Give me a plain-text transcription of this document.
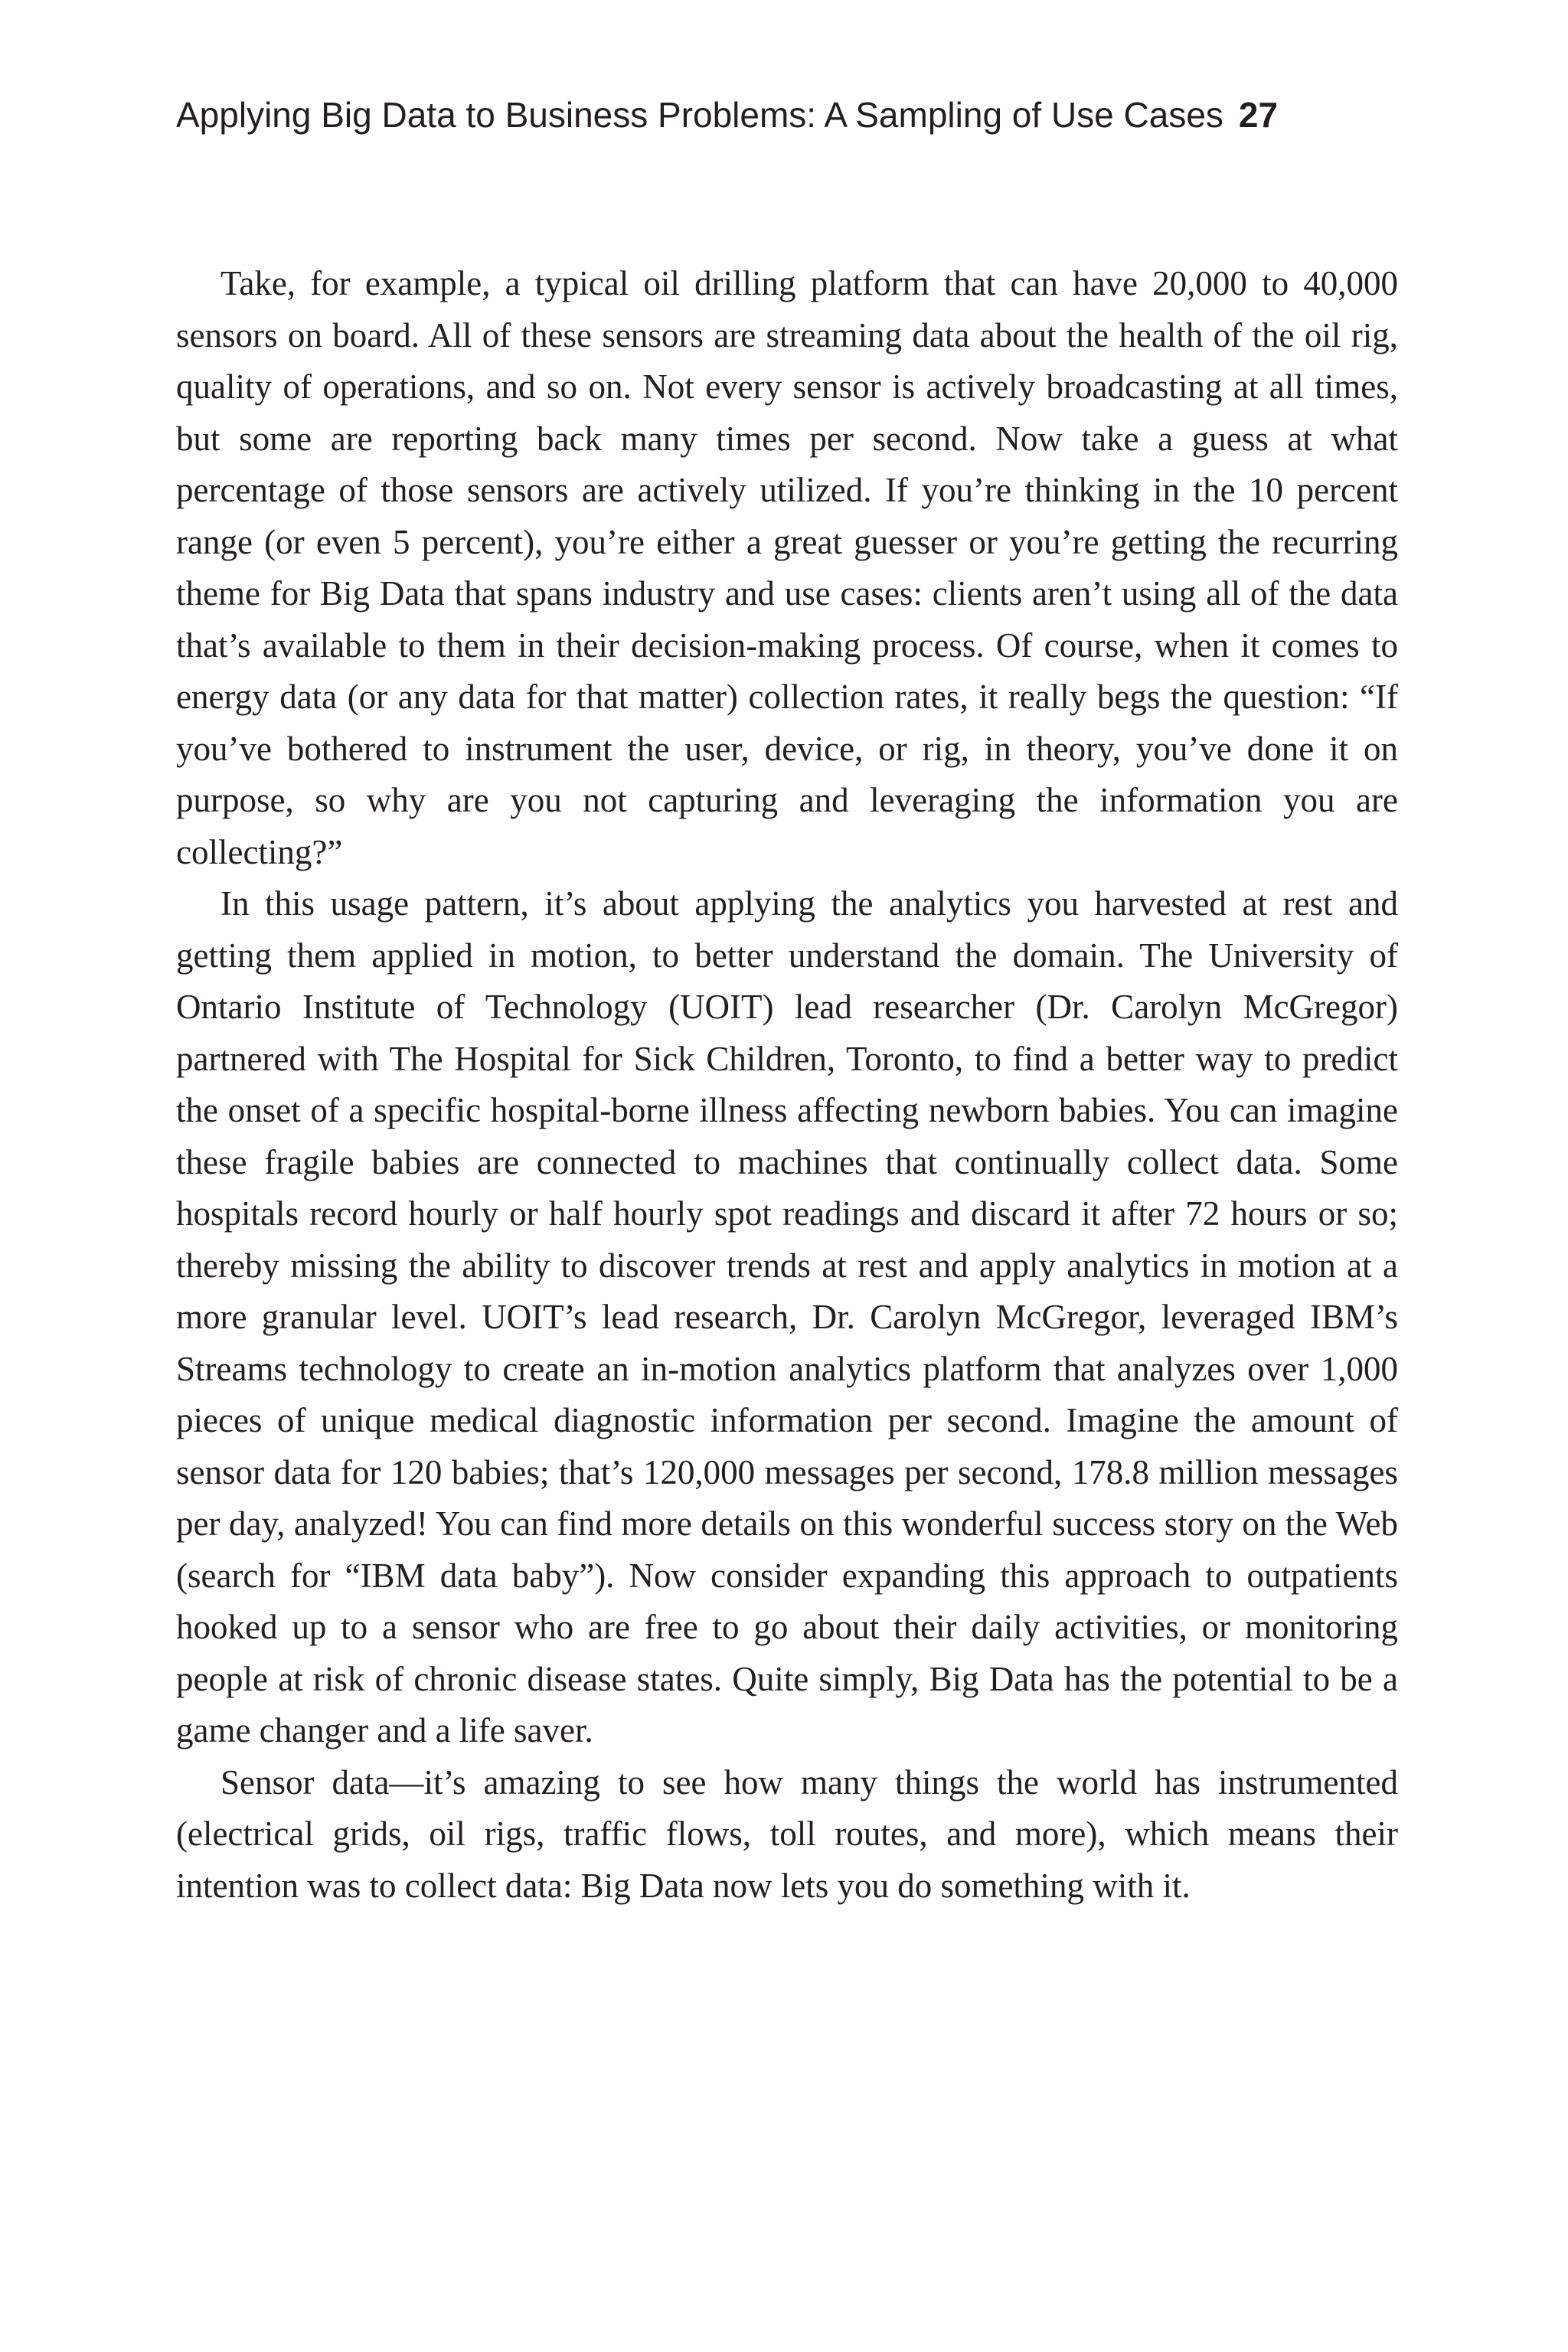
Applying Big Data to Business Problems: A Sampling of Use Cases 27

Take, for example, a typical oil drilling platform that can have 20,000 to 40,000 sensors on board. All of these sensors are streaming data about the health of the oil rig, quality of operations, and so on. Not every sensor is actively broadcasting at all times, but some are reporting back many times per second. Now take a guess at what percentage of those sensors are actively utilized. If you’re thinking in the 10 percent range (or even 5 percent), you’re either a great guesser or you’re getting the recurring theme for Big Data that spans industry and use cases: clients aren’t using all of the data that’s available to them in their decision-making process. Of course, when it comes to energy data (or any data for that matter) collection rates, it really begs the question: “If you’ve bothered to instrument the user, device, or rig, in theory, you’ve done it on purpose, so why are you not capturing and leveraging the information you are collecting?”

In this usage pattern, it’s about applying the analytics you harvested at rest and getting them applied in motion, to better understand the domain. The University of Ontario Institute of Technology (UOIT) lead researcher (Dr. Carolyn McGregor) partnered with The Hospital for Sick Children, Toronto, to find a better way to predict the onset of a specific hospital-borne illness affecting newborn babies. You can imagine these fragile babies are connected to machines that continually collect data. Some hospitals record hourly or half hourly spot readings and discard it after 72 hours or so; thereby missing the ability to discover trends at rest and apply analytics in motion at a more granular level. UOIT’s lead research, Dr. Carolyn McGregor, leveraged IBM’s Streams technology to create an in-motion analytics platform that analyzes over 1,000 pieces of unique medical diagnostic information per second. Imagine the amount of sensor data for 120 babies; that’s 120,000 messages per second, 178.8 million messages per day, analyzed! You can find more details on this wonderful success story on the Web (search for “IBM data baby”). Now consider expanding this approach to outpatients hooked up to a sensor who are free to go about their daily activities, or monitoring people at risk of chronic disease states. Quite simply, Big Data has the potential to be a game changer and a life saver.

Sensor data—it’s amazing to see how many things the world has instrumented (electrical grids, oil rigs, traffic flows, toll routes, and more), which means their intention was to collect data: Big Data now lets you do something with it.
